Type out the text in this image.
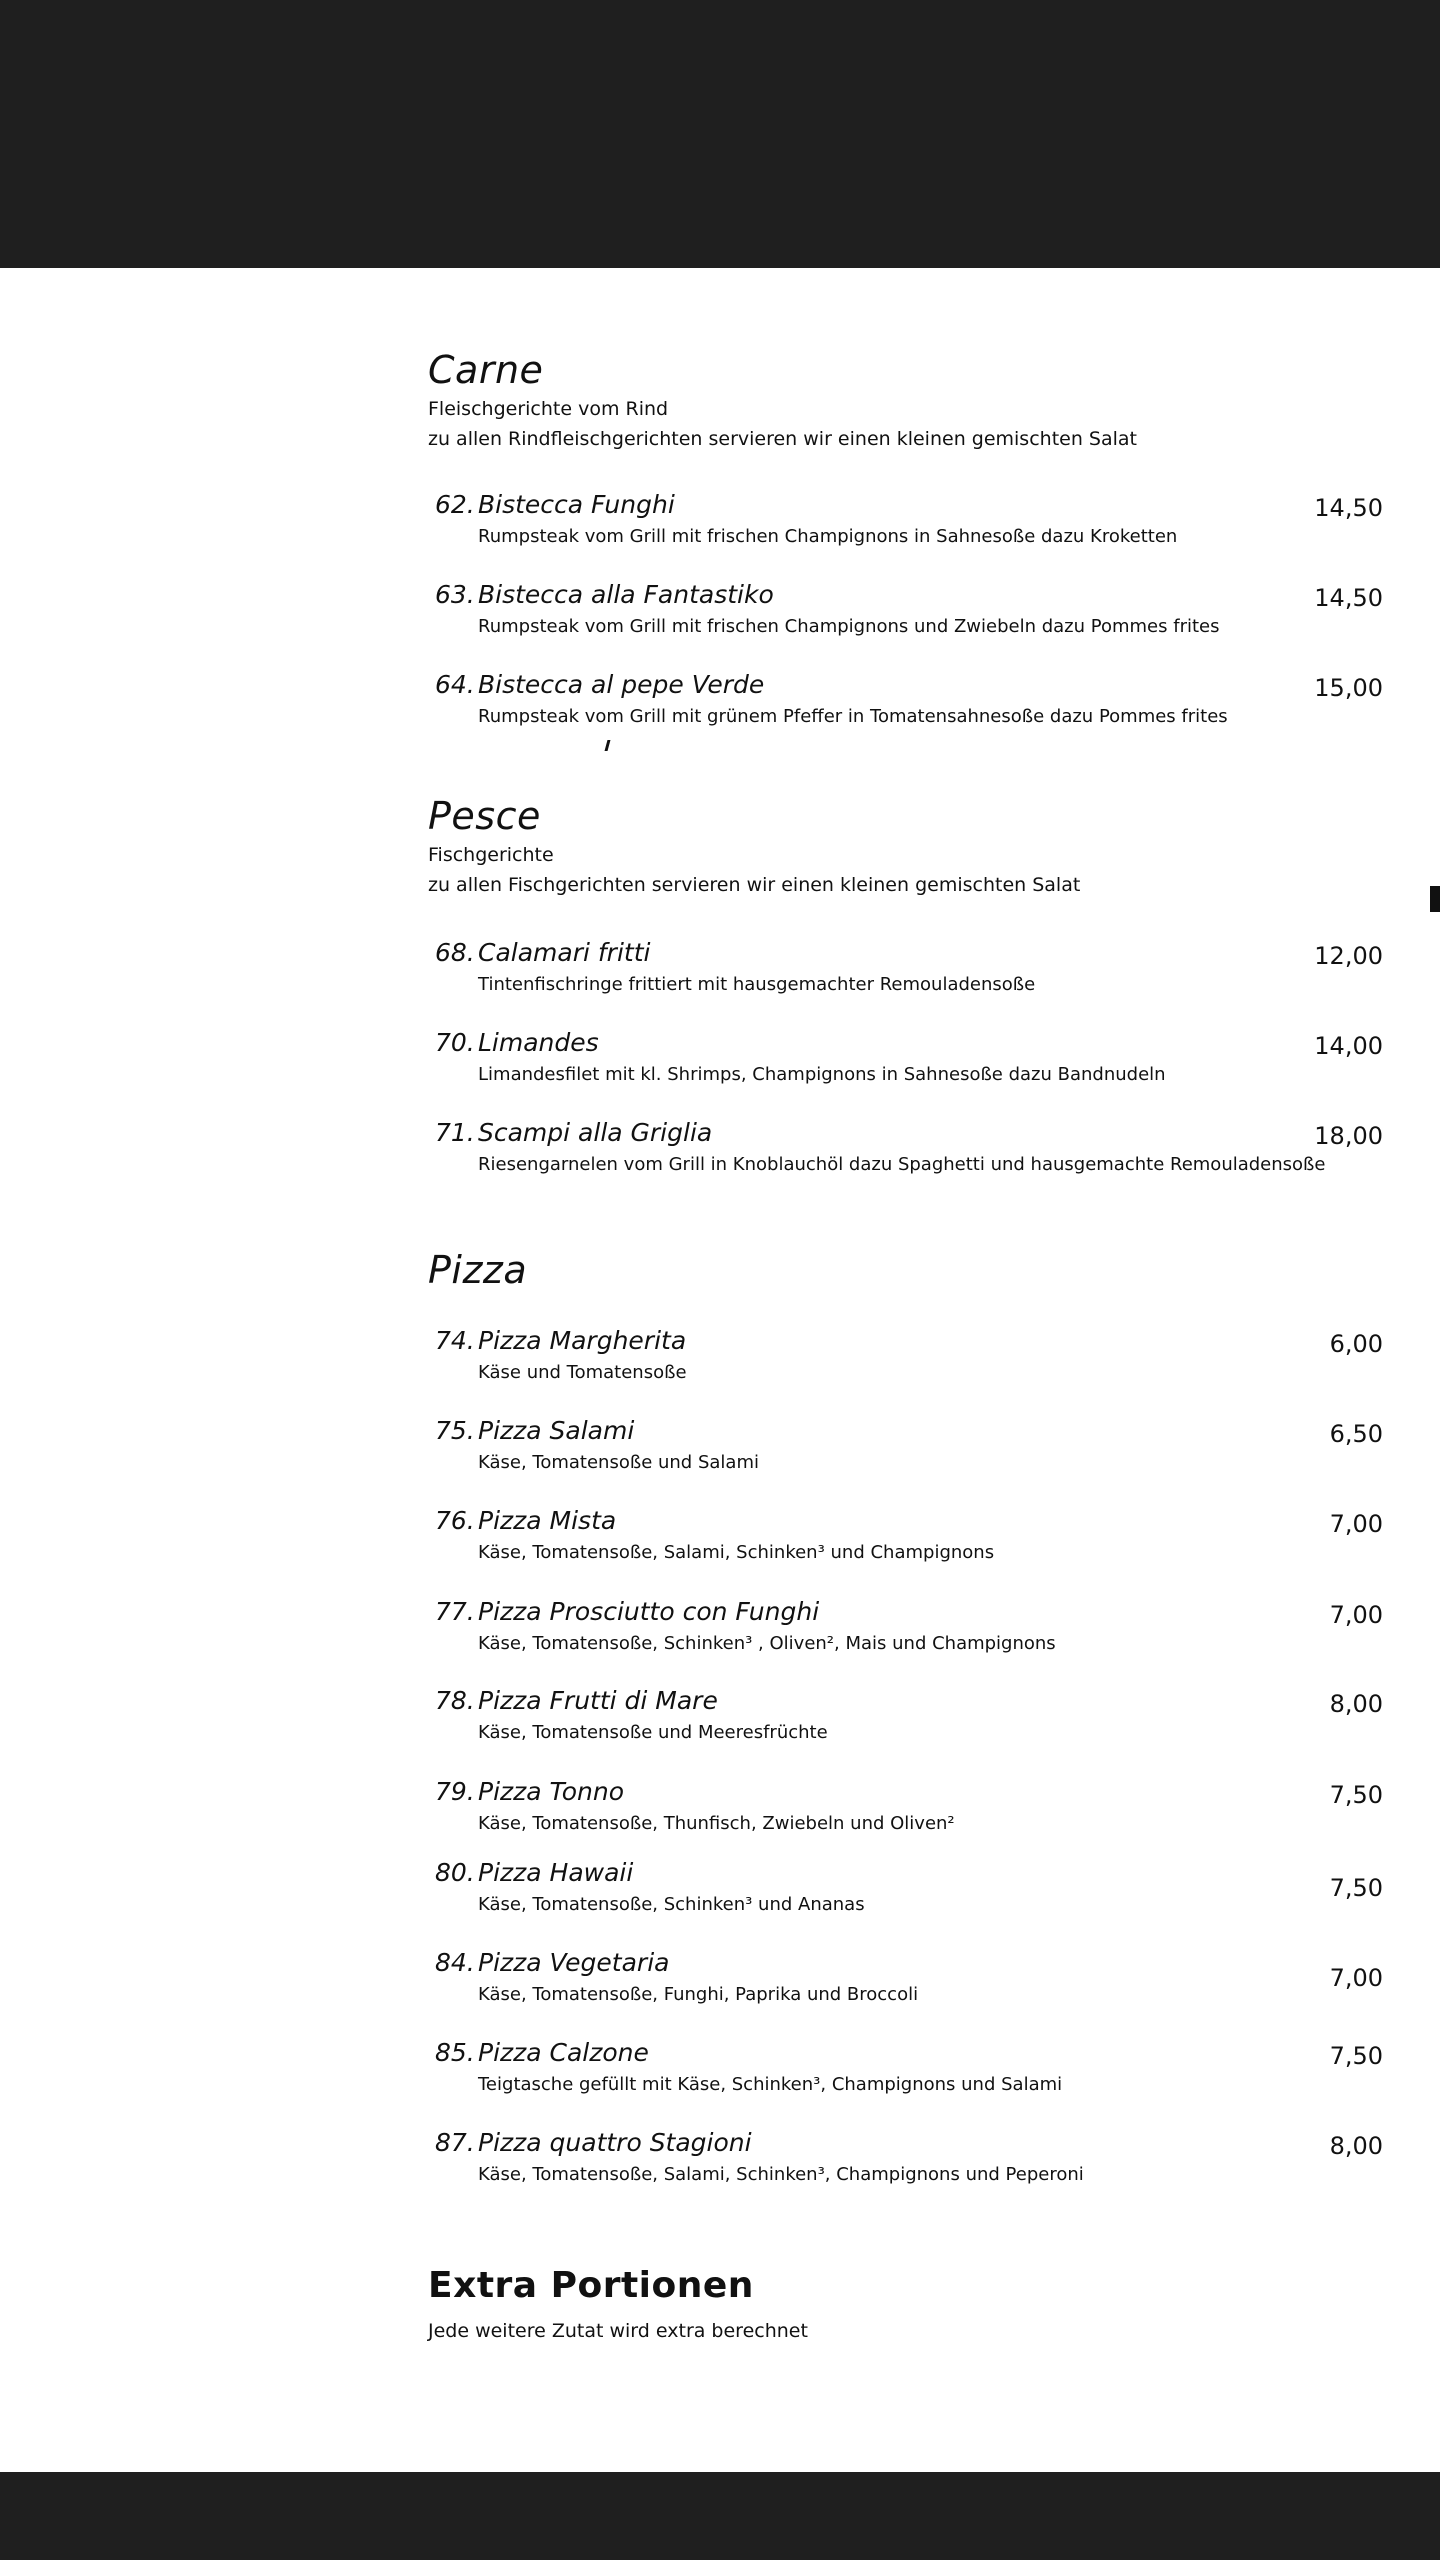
Carne

Fleischgerichte vom Rind

zu allen Rindfleischgerichten servieren wir einen kleinen gemischten Salat

62. Bistecca Funghi
Rumpsteak vom Grill mit frischen Champignons in Sahnesoße dazu Kroketten
14,50
63. Bistecca alla Fantastiko
Rumpsteak vom Grill mit frischen Champignons und Zwiebeln dazu Pommes frites
14,50
64. Bistecca al pepe Verde
Rumpsteak vom Grill mit grünem Pfeffer in Tomatensahnesoße dazu Pommes frites
15,00
Pesce

Fischgerichte

zu allen Fischgerichten servieren wir einen kleinen gemischten Salat

68. Calamari fritti
Tintenfischringe frittiert mit hausgemachter Remouladensoße
12,00
70. Limandes
Limandesfilet mit kl. Shrimps, Champignons in Sahnesoße dazu Bandnudeln
14,00
71. Scampi alla Griglia
Riesengarnelen vom Grill in Knoblauchöl dazu Spaghetti und hausgemachte Remouladensoße
18,00
Pizza
74. Pizza Margherita
Käse und Tomatensoße
6,00
75. Pizza Salami
Käse, Tomatensoße und Salami
6,50
76. Pizza Mista
Käse, Tomatensoße, Salami, Schinken³ und Champignons
7,00
77. Pizza Prosciutto con Funghi
Käse, Tomatensoße, Schinken³ , Oliven², Mais und Champignons
7,00
78. Pizza Frutti di Mare
Käse, Tomatensoße und Meeresfrüchte
8,00
79. Pizza Tonno
Käse, Tomatensoße, Thunfisch, Zwiebeln und Oliven²
7,50
80. Pizza Hawaii
Käse, Tomatensoße, Schinken³ und Ananas
7,50
84. Pizza Vegetaria
Käse, Tomatensoße, Funghi, Paprika und Broccoli
7,00
85. Pizza Calzone
Teigtasche gefüllt mit Käse, Schinken³, Champignons und Salami
7,50
87. Pizza quattro Stagioni
Käse, Tomatensoße, Salami, Schinken³, Champignons und Peperoni
8,00
Extra Portionen

Jede weitere Zutat wird extra berechnet
